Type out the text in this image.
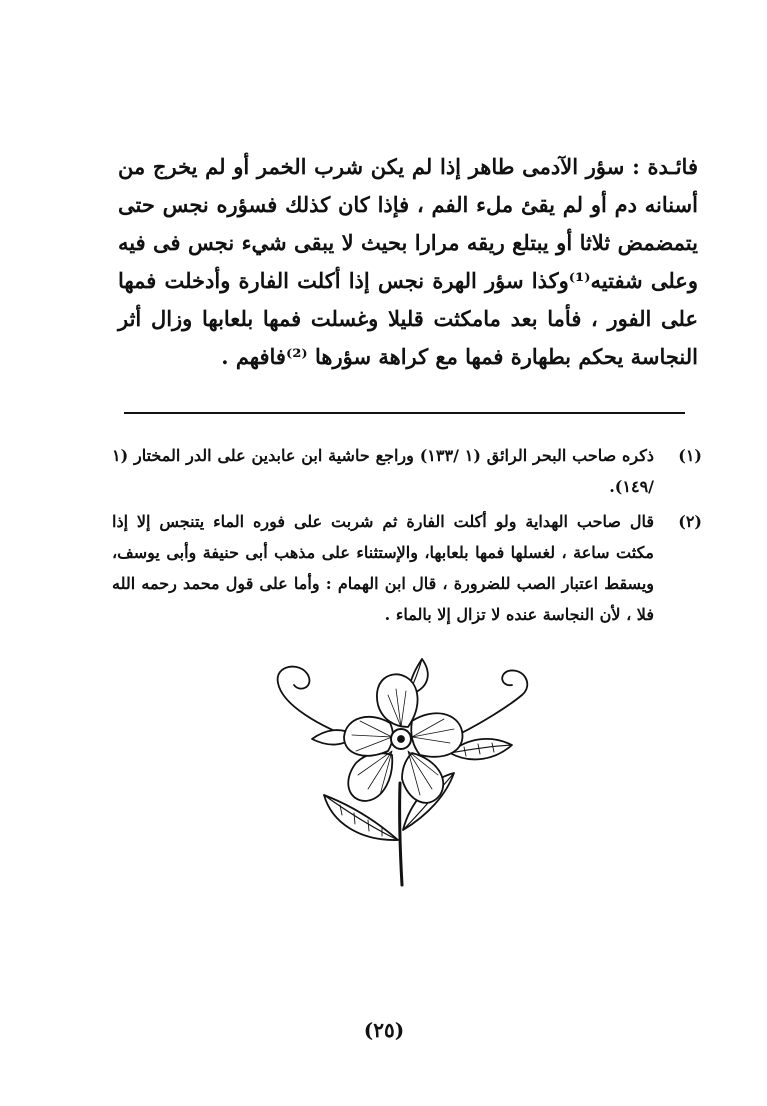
فائـدة : سؤر الآدمى طاهر إذا لم يكن شرب الخمر أو لم يخرج من أسنانه دم أو لم يقئ ملء الفم ، فإذا كان كذلك فسؤره نجس حتى يتمضمض ثلاثا أو يبتلع ريقه مرارا بحيث لا يبقى شيء نجس فى فيه وعلى شفتيه⁽¹⁾وكذا سؤر الهرة نجس إذا أكلت الفارة وأدخلت فمها على الفور ، فأما بعد مامكثت قليلا وغسلت فمها بلعابها وزال أثر النجاسة يحكم بطهارة فمها مع كراهة سؤرها ⁽²⁾فافهم .
(١)
ذكره صاحب البحر الرائق (١ /١٣٣) وراجع حاشية ابن عابدين على الدر المختار (١ /١٤٩).
(٢)
قال صاحب الهداية ولو أكلت الفارة ثم شربت على فوره الماء يتنجس إلا إذا مكثت ساعة ، لغسلها فمها بلعابها، والإستثناء على مذهب أبى حنيفة وأبى يوسف، ويسقط اعتبار الصب للضرورة ، قال ابن الهمام : وأما على قول محمد رحمه الله فلا ، لأن النجاسة عنده لا تزال إلا بالماء .
(٢٥)
